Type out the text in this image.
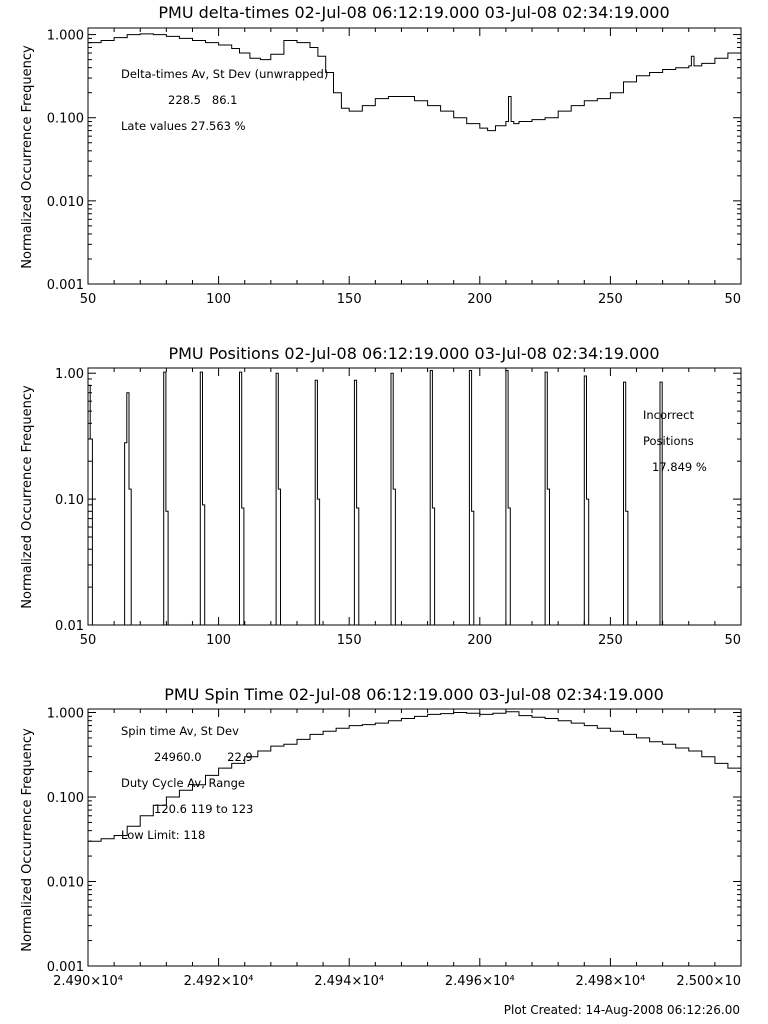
PMU delta-times 02-Jul-08 06:12:19.000 03-Jul-08 02:34:19.000
Normalized Occurrence Frequency
0.001
0.010
0.100
1.000
50	100	150	200	250	50
Delta-times Av, St Dev (unwrapped)
228.5   86.1
Late values 27.563 %
PMU Positions 02-Jul-08 06:12:19.000 03-Jul-08 02:34:19.000
Normalized Occurrence Frequency
0.01
0.10
1.00
50	100	150	200	250	50
Incorrect
Positions
17.849 %
PMU Spin Time 02-Jul-08 06:12:19.000 03-Jul-08 02:34:19.000
Normalized Occurrence Frequency
0.001
0.010
0.100
1.000
2.490×10⁴	2.492×10⁴	2.494×10⁴	2.496×10⁴	2.498×10⁴ 2.500×10
Spin time Av, St Dev
24960.0       22.9
Duty Cycle Av, Range
120.6 119 to 123
Low Limit: 118
Plot Created: 14-Aug-2008 06:12:26.00
